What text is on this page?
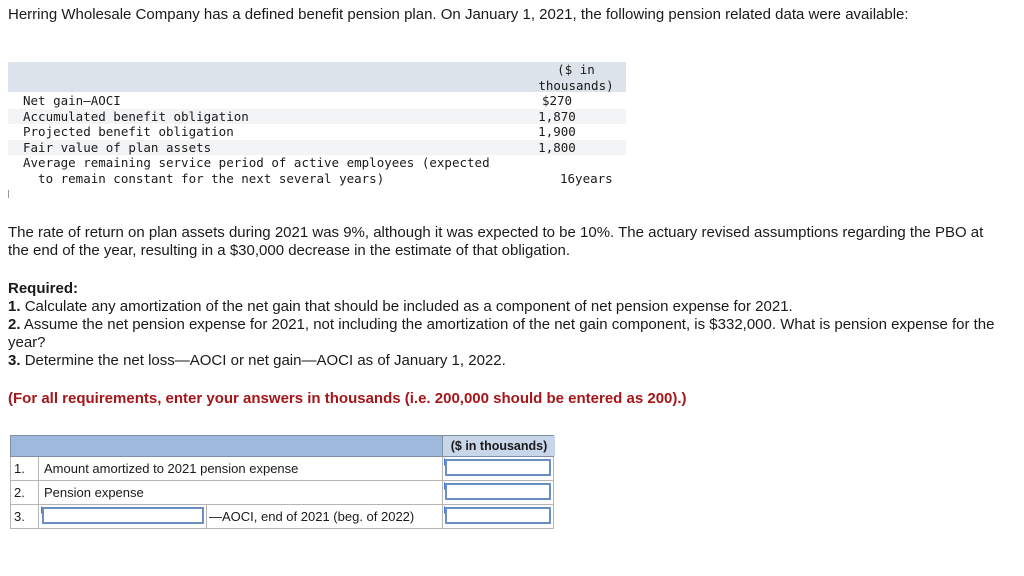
Herring Wholesale Company has a defined benefit pension plan. On January 1, 2021, the following pension related data were available:

($ in
thousands)
Net gain—AOCI	$270
Accumulated benefit obligation	1,870
Projected benefit obligation	1,900
Fair value of plan assets	1,800
Average remaining service period of active employees (expected
to remain constant for the next several years)	16years

The rate of return on plan assets during 2021 was 9%, although it was expected to be 10%. The actuary revised assumptions regarding the PBO at the end of the year, resulting in a $30,000 decrease in the estimate of that obligation.

Required:
1. Calculate any amortization of the net gain that should be included as a component of net pension expense for 2021.
2. Assume the net pension expense for 2021, not including the amortization of the net gain component, is $332,000. What is pension expense for the year?
3. Determine the net loss—AOCI or net gain—AOCI as of January 1, 2022.
(For all requirements, enter your answers in thousands (i.e. 200,000 should be entered as 200).)
($ in thousands)
1.	Amount amortized to 2021 pension expense
2.	Pension expense
3.	—AOCI, end of 2021 (beg. of 2022)
